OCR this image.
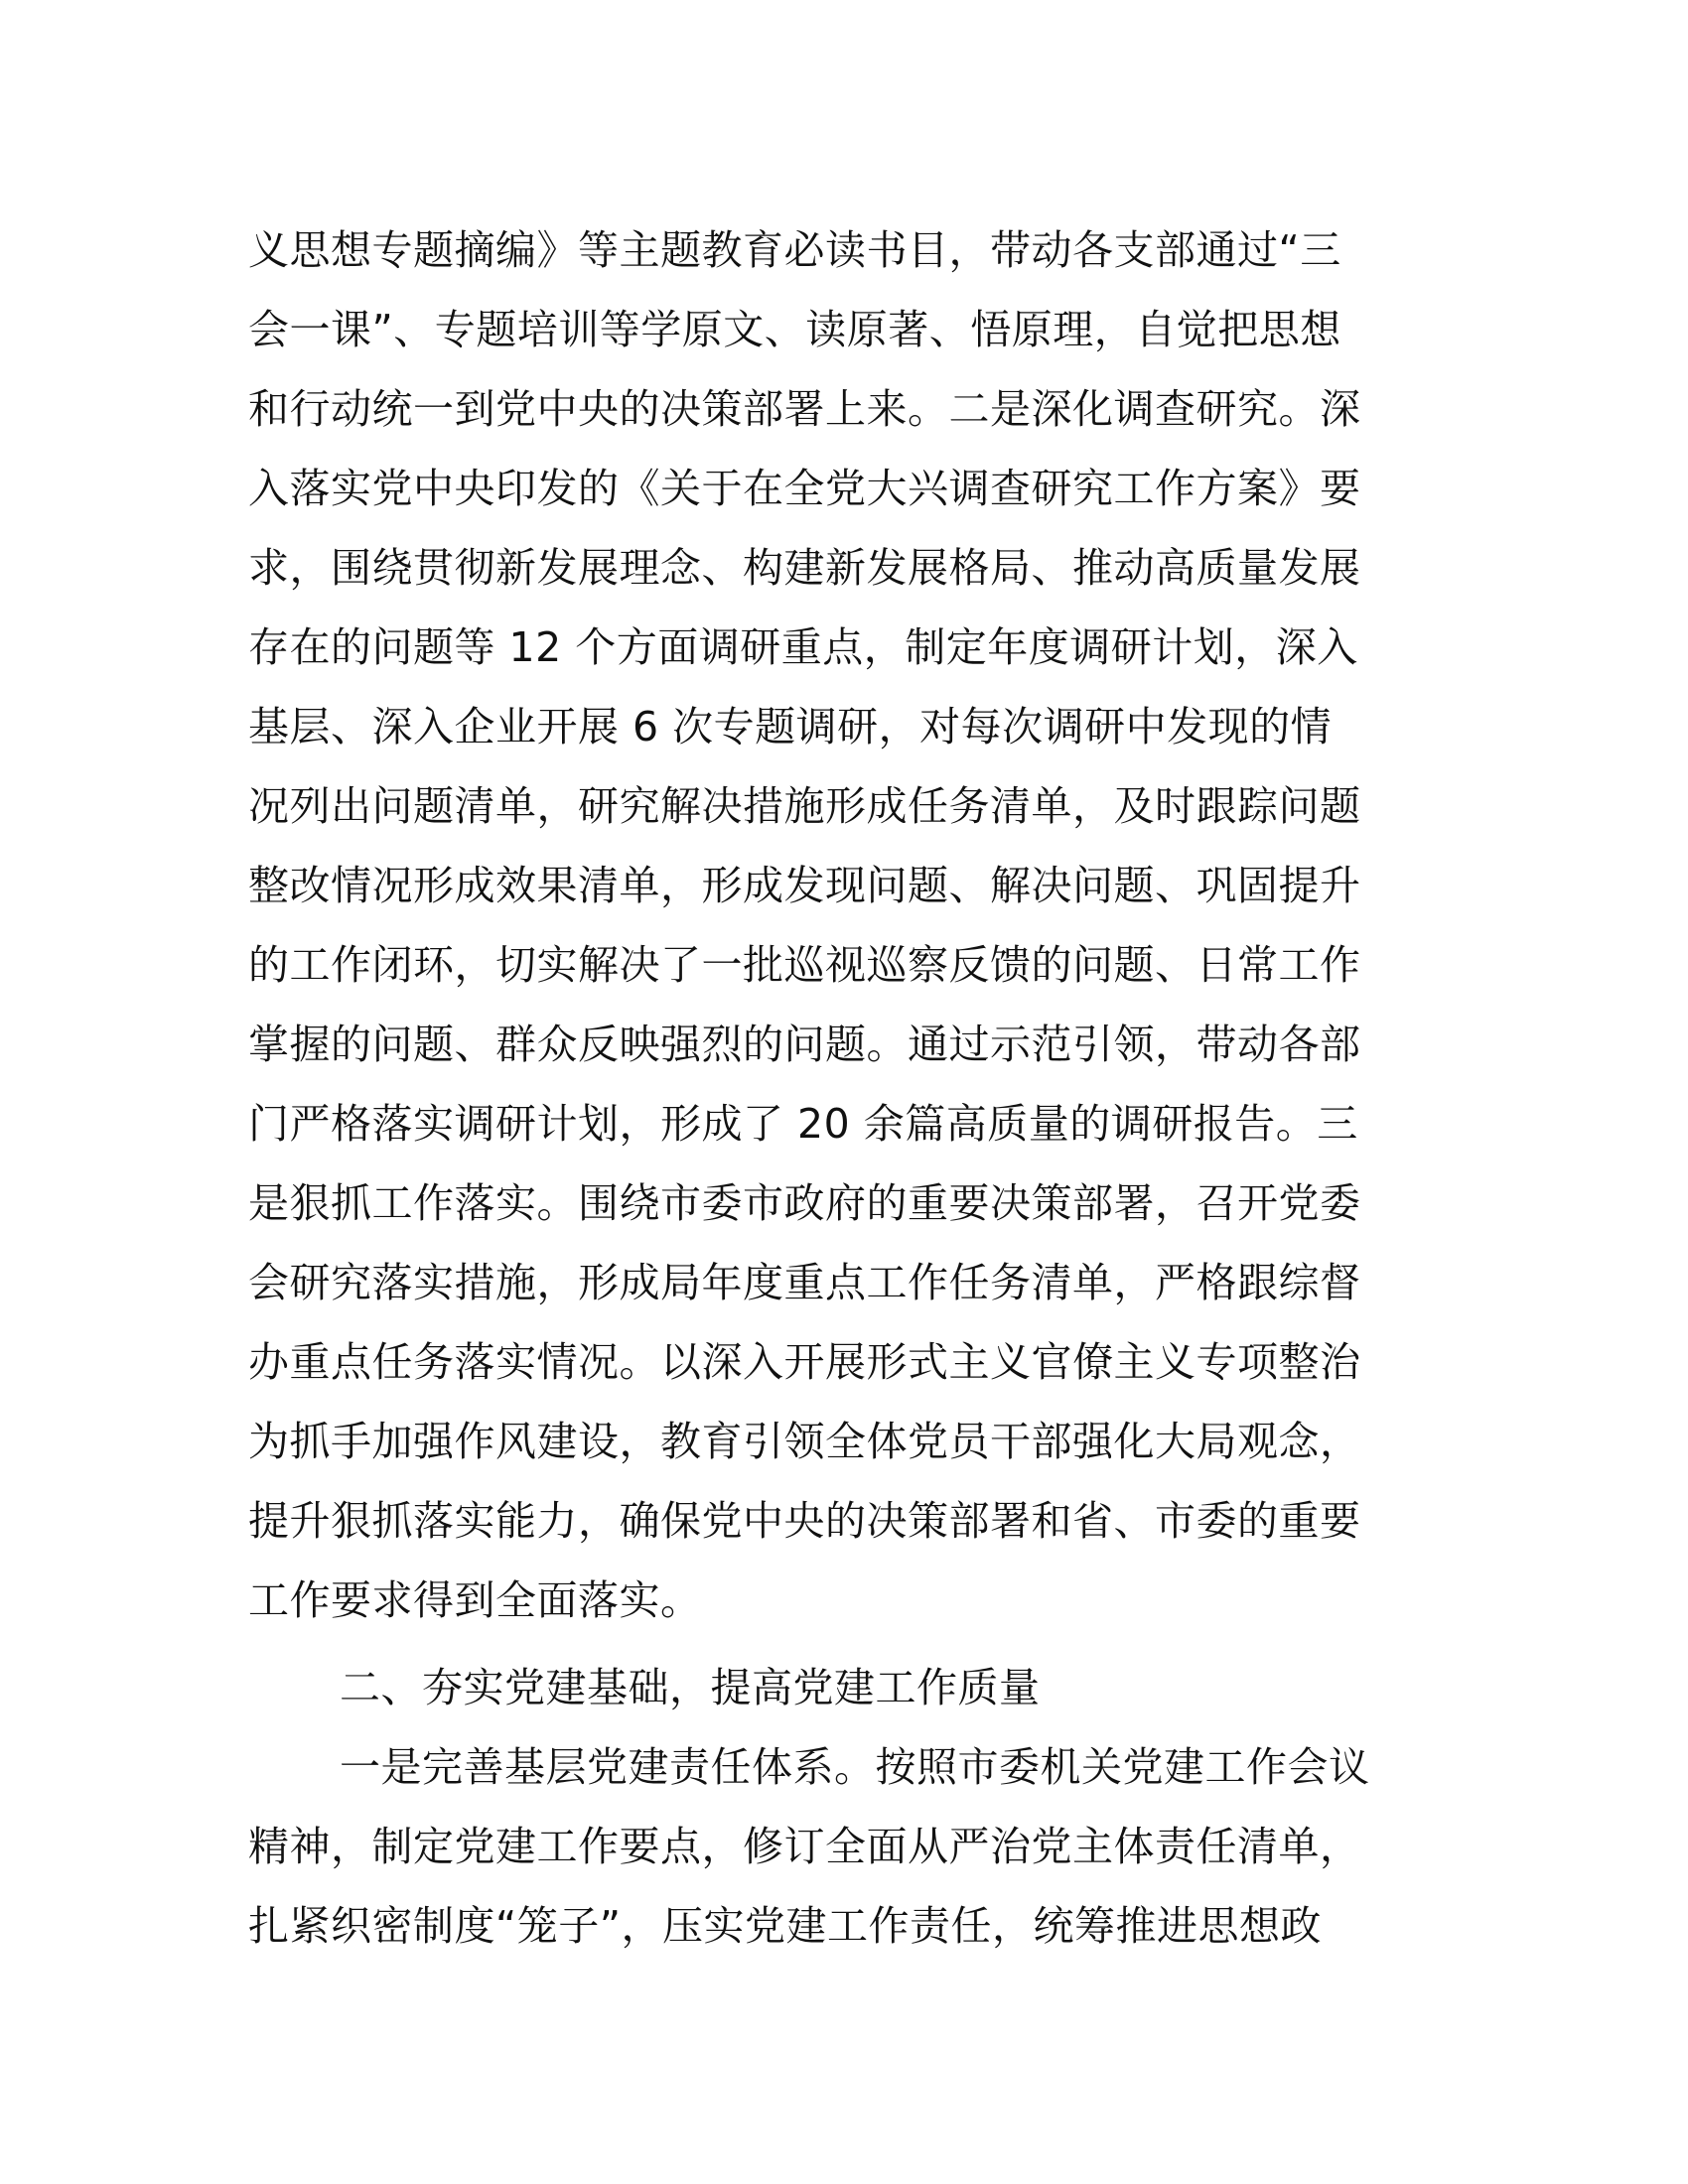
义思想专题摘编》等主题教育必读书目，带动各支部通过“三
会一课”、专题培训等学原文、读原著、悟原理，自觉把思想
和行动统一到党中央的决策部署上来。二是深化调查研究。深
入落实党中央印发的《关于在全党大兴调查研究工作方案》要
求，围绕贯彻新发展理念、构建新发展格局、推动高质量发展
存在的问题等 12 个方面调研重点，制定年度调研计划，深入
基层、深入企业开展 6 次专题调研，对每次调研中发现的情
况列出问题清单，研究解决措施形成任务清单，及时跟踪问题
整改情况形成效果清单，形成发现问题、解决问题、巩固提升
的工作闭环，切实解决了一批巡视巡察反馈的问题、日常工作
掌握的问题、群众反映强烈的问题。通过示范引领，带动各部
门严格落实调研计划，形成了 20 余篇高质量的调研报告。三
是狠抓工作落实。围绕市委市政府的重要决策部署，召开党委
会研究落实措施，形成局年度重点工作任务清单，严格跟综督
办重点任务落实情况。以深入开展形式主义官僚主义专项整治
为抓手加强作风建设，教育引领全体党员干部强化大局观念，
提升狠抓落实能力，确保党中央的决策部署和省、市委的重要
工作要求得到全面落实。
二、夯实党建基础，提高党建工作质量
一是完善基层党建责任体系。按照市委机关党建工作会议
精神，制定党建工作要点，修订全面从严治党主体责任清单，
扎紧织密制度“笼子”，压实党建工作责任，统筹推进思想政
